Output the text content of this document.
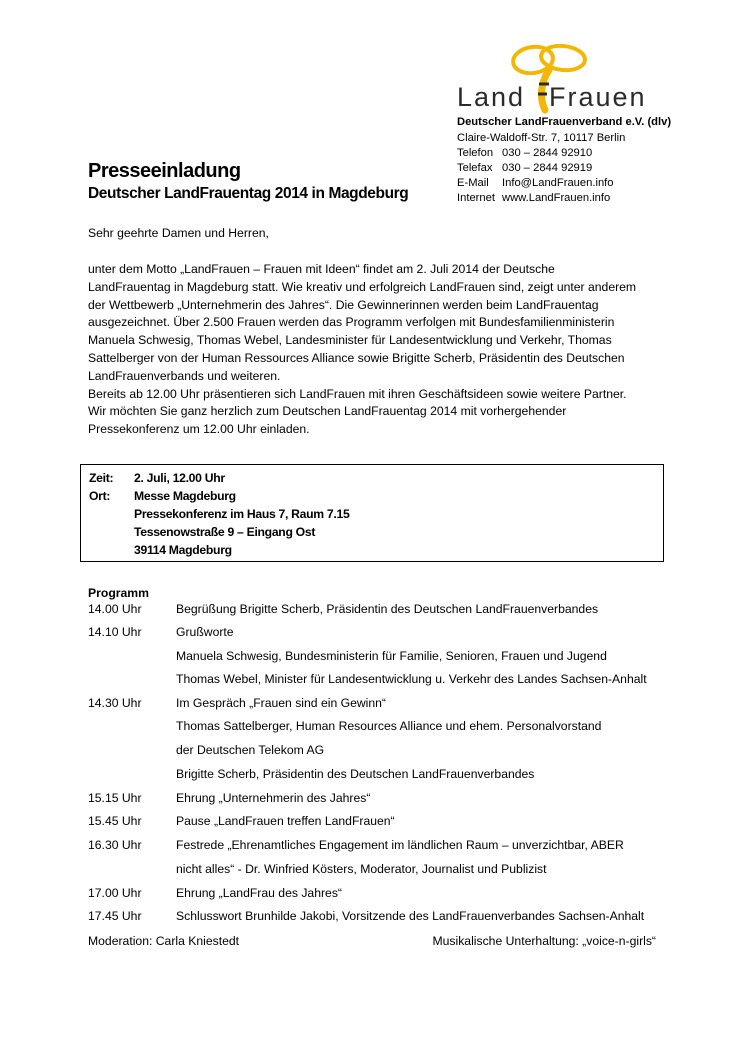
Land Frauen
Deutscher LandFrauenverband e.V. (dlv)
Claire-Waldoff-Str. 7, 10117 Berlin
Telefon 030 – 2844 92910
Telefax 030 – 2844 92919
E-Mail Info@LandFrauen.info
Internet www.LandFrauen.info
Presseeinladung
Deutscher LandFrauentag 2014 in Magdeburg
Sehr geehrte Damen und Herren,
unter dem Motto „LandFrauen – Frauen mit Ideen“ findet am 2. Juli 2014 der Deutsche
LandFrauentag in Magdeburg statt. Wie kreativ und erfolgreich LandFrauen sind, zeigt unter anderem
der Wettbewerb „Unternehmerin des Jahres“. Die Gewinnerinnen werden beim LandFrauentag
ausgezeichnet. Über 2.500 Frauen werden das Programm verfolgen mit Bundesfamilienministerin
Manuela Schwesig, Thomas Webel, Landesminister für Landesentwicklung und Verkehr, Thomas
Sattelberger von der Human Ressources Alliance sowie Brigitte Scherb, Präsidentin des Deutschen
LandFrauenverbands und weiteren.
Bereits ab 12.00 Uhr präsentieren sich LandFrauen mit ihren Geschäftsideen sowie weitere Partner.
Wir möchten Sie ganz herzlich zum Deutschen LandFrauentag 2014 mit vorhergehender
Pressekonferenz um 12.00 Uhr einladen.
Zeit: 2. Juli, 12.00 Uhr
Ort: Messe Magdeburg
Pressekonferenz im Haus 7, Raum 7.15
Tessenowstraße 9 – Eingang Ost
39114 Magdeburg
Programm
14.00 Uhr	Begrüßung Brigitte Scherb, Präsidentin des Deutschen LandFrauenverbandes
14.10 Uhr	Grußworte
Manuela Schwesig, Bundesministerin für Familie, Senioren, Frauen und Jugend
Thomas Webel, Minister für Landesentwicklung u. Verkehr des Landes Sachsen-Anhalt
14.30 Uhr	Im Gespräch „Frauen sind ein Gewinn“
Thomas Sattelberger, Human Resources Alliance und ehem. Personalvorstand
der Deutschen Telekom AG
Brigitte Scherb, Präsidentin des Deutschen LandFrauenverbandes
15.15 Uhr	Ehrung „Unternehmerin des Jahres“
15.45 Uhr	Pause „LandFrauen treffen LandFrauen“
16.30 Uhr	Festrede „Ehrenamtliches Engagement im ländlichen Raum – unverzichtbar, ABER
nicht alles“ - Dr. Winfried Kösters, Moderator, Journalist und Publizist
17.00 Uhr	Ehrung „LandFrau des Jahres“
17.45 Uhr	Schlusswort Brunhilde Jakobi, Vorsitzende des LandFrauenverbandes Sachsen-Anhalt
Moderation: Carla Kniestedt	Musikalische Unterhaltung: „voice-n-girls“
